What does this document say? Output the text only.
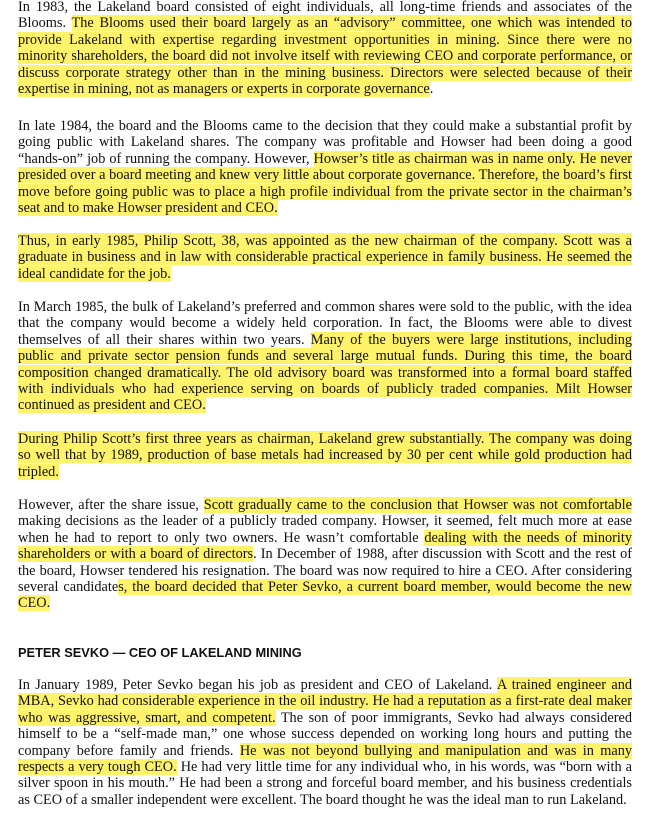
In 1983, the Lakeland board consisted of eight individuals, all long-time friends and associates of the Blooms. The Blooms used their board largely as an “advisory” committee, one which was intended to provide Lakeland with expertise regarding investment opportunities in mining. Since there were no minority shareholders, the board did not involve itself with reviewing CEO and corporate performance, or discuss corporate strategy other than in the mining business. Directors were selected because of their expertise in mining, not as managers or experts in corporate governance.

In late 1984, the board and the Blooms came to the decision that they could make a substantial profit by going public with Lakeland shares. The company was profitable and Howser had been doing a good “hands-on” job of running the company. However, Howser’s title as chairman was in name only. He never presided over a board meeting and knew very little about corporate governance. Therefore, the board’s first move before going public was to place a high profile individual from the private sector in the chairman’s seat and to make Howser president and CEO.

Thus, in early 1985, Philip Scott, 38, was appointed as the new chairman of the company. Scott was a graduate in business and in law with considerable practical experience in family business. He seemed the ideal candidate for the job.

In March 1985, the bulk of Lakeland’s preferred and common shares were sold to the public, with the idea that the company would become a widely held corporation. In fact, the Blooms were able to divest themselves of all their shares within two years. Many of the buyers were large institutions, including public and private sector pension funds and several large mutual funds. During this time, the board composition changed dramatically. The old advisory board was transformed into a formal board staffed with individuals who had experience serving on boards of publicly traded companies. Milt Howser continued as president and CEO.

During Philip Scott’s first three years as chairman, Lakeland grew substantially. The company was doing so well that by 1989, production of base metals had increased by 30 per cent while gold production had tripled.

However, after the share issue, Scott gradually came to the conclusion that Howser was not comfortable making decisions as the leader of a publicly traded company. Howser, it seemed, felt much more at ease when he had to report to only two owners. He wasn’t comfortable dealing with the needs of minority shareholders or with a board of directors. In December of 1988, after discussion with Scott and the rest of the board, Howser tendered his resignation. The board was now required to hire a CEO. After considering several candidates, the board decided that Peter Sevko, a current board member, would become the new CEO.

PETER SEVKO — CEO OF LAKELAND MINING

In January 1989, Peter Sevko began his job as president and CEO of Lakeland. A trained engineer and MBA, Sevko had considerable experience in the oil industry. He had a reputation as a first-rate deal maker who was aggressive, smart, and competent. The son of poor immigrants, Sevko had always considered himself to be a “self-made man,” one whose success depended on working long hours and putting the company before family and friends. He was not beyond bullying and manipulation and was in many respects a very tough CEO. He had very little time for any individual who, in his words, was “born with a silver spoon in his mouth.” He had been a strong and forceful board member, and his business credentials as CEO of a smaller independent were excellent. The board thought he was the ideal man to run Lakeland.
